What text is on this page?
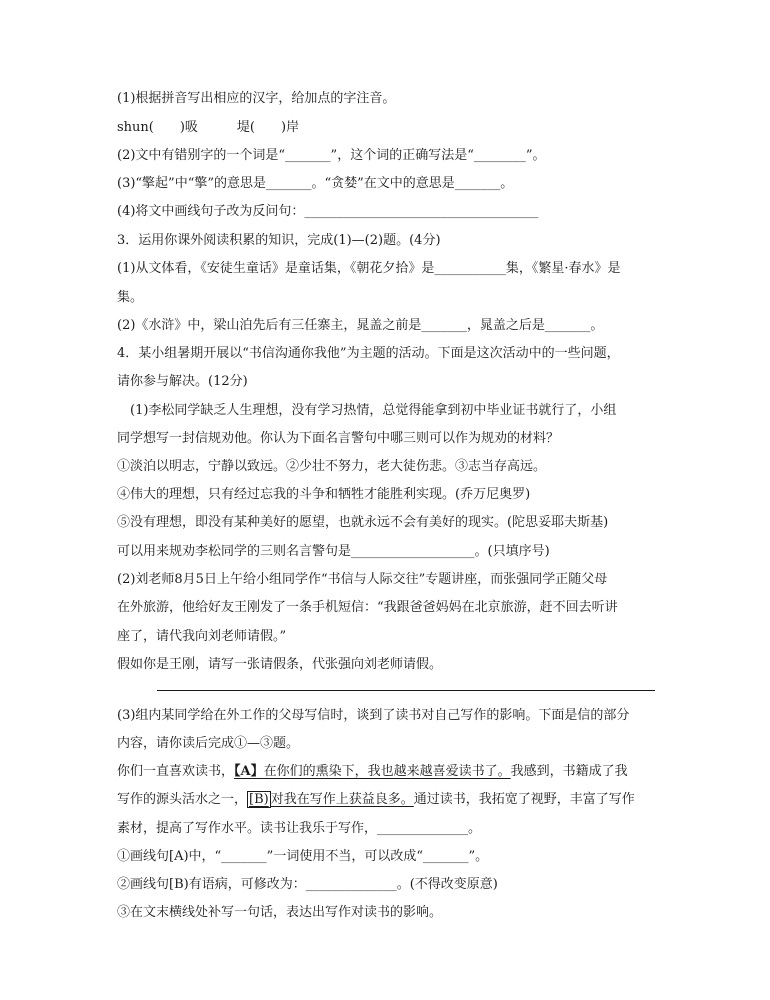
(1)根据拼音写出相应的汉字，给加点的字注音。
shun(　　)吸　　　堤(　　)岸
(2)文中有错别字的一个词是“_______”，这个词的正确写法是“________”。
(3)“擎起”中“擎”的意思是_______。“贪婪”在文中的意思是_______。
(4)将文中画线句子改为反问句：____________________________________
3．运用你课外阅读积累的知识，完成(1)—(2)题。(4分)
(1)从文体看，《安徒生童话》是童话集，《朝花夕拾》是___________集，《繁星·春水》是
集。
(2)《水浒》中，梁山泊先后有三任寨主，晁盖之前是_______，晁盖之后是_______。
4．某小组暑期开展以“书信沟通你我他”为主题的活动。下面是这次活动中的一些问题，
请你参与解决。(12分)
　(1)李松同学缺乏人生理想，没有学习热情，总觉得能拿到初中毕业证书就行了，小组
同学想写一封信规劝他。你认为下面名言警句中哪三则可以作为规劝的材料？
①淡泊以明志，宁静以致远。②少壮不努力，老大徒伤悲。③志当存高远。
④伟大的理想，只有经过忘我的斗争和牺牲才能胜利实现。(乔万尼奥罗)
⑤没有理想，即没有某种美好的愿望，也就永远不会有美好的现实。(陀思妥耶夫斯基)
可以用来规劝李松同学的三则名言警句是___________________。(只填序号)
(2)刘老师8月5日上午给小组同学作“书信与人际交往”专题讲座，而张强同学正随父母
在外旅游，他给好友王刚发了一条手机短信：“我跟爸爸妈妈在北京旅游，赶不回去听讲
座了，请代我向刘老师请假。”
假如你是王刚，请写一张请假条，代张强向刘老师请假。
(3)组内某同学给在外工作的父母写信时，谈到了读书对自己写作的影响。下面是信的部分
内容，请你读后完成①—③题。
你们一直喜欢读书，【A】在你们的熏染下，我也越来越喜爱读书了。我感到，书籍成了我
写作的源头活水之一， [B) 对我在写作上获益良多。通过读书，我拓宽了视野，丰富了写作
素材，提高了写作水平。读书让我乐于写作，______________。
①画线句[A)中，“_______”一词使用不当，可以改成“_______”。
②画线句[B)有语病，可修改为：______________。(不得改变原意)
③在文末横线处补写一句话，表达出写作对读书的影响。
